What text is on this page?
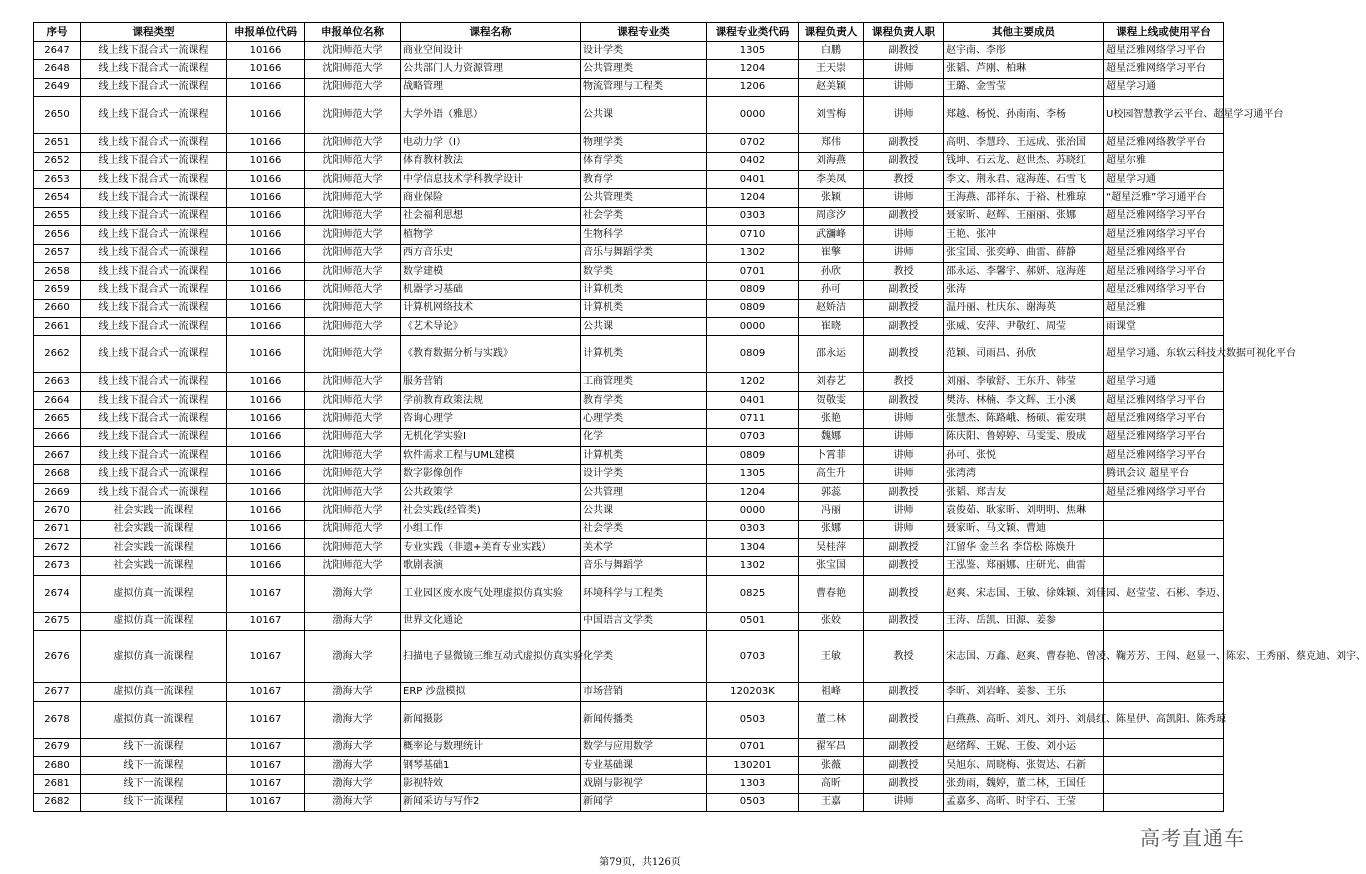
序号	课程类型	申报单位代码	申报单位名称	课程名称	课程专业类	课程专业类代码	课程负责人	课程负责人职	其他主要成员	课程上线或使用平台
2647	线上线下混合式一流课程	10166	沈阳师范大学	商业空间设计	设计学类	1305	白鹏	副教授	赵宇南、李彤	超星泛雅网络学习平台
2648	线上线下混合式一流课程	10166	沈阳师范大学	公共部门人力资源管理	公共管理类	1204	王天崇	讲师	张韬、芦刚、柏琳	超星泛雅网络学习平台
2649	线上线下混合式一流课程	10166	沈阳师范大学	战略管理	物流管理与工程类	1206	赵美颖	讲师	王璐、金雪莹	超星学习通
2650	线上线下混合式一流课程	10166	沈阳师范大学	大学外语（雅思）	公共课	0000	刘雪梅	讲师	郑越、杨悦、孙南南、李杨	U校园智慧教学云平台、超星学习通平台
2651	线上线下混合式一流课程	10166	沈阳师范大学	电动力学（Ⅰ）	物理学类	0702	郑伟	副教授	高明、李慧玲、王远成、张治国	超星泛雅网络教学平台
2652	线上线下混合式一流课程	10166	沈阳师范大学	体育教材教法	体育学类	0402	刘海燕	副教授	钱坤、石云龙、赵世杰、苏晓红	超星尔雅
2653	线上线下混合式一流课程	10166	沈阳师范大学	中学信息技术学科教学设计	教育学	0401	李美凤	教授	李文、荆永君、寇海莲、石雪飞	超星学习通
2654	线上线下混合式一流课程	10166	沈阳师范大学	商业保险	公共管理类	1204	张颖	讲师	王海燕、邵祥东、于裕、杜雅琼	“超星泛雅”学习通平台
2655	线上线下混合式一流课程	10166	沈阳师范大学	社会福利思想	社会学类	0303	周彦汐	副教授	聂家昕、赵辉、王丽丽、张娜	超星泛雅网络学习平台
2656	线上线下混合式一流课程	10166	沈阳师范大学	植物学	生物科学	0710	武瀰峰	讲师	王艳、张冲	超星泛雅网络学习平台
2657	线上线下混合式一流课程	10166	沈阳师范大学	西方音乐史	音乐与舞蹈学类	1302	崔擎	讲师	张宝国、张奕峥、曲雷、薛静	超星泛雅网络平台
2658	线上线下混合式一流课程	10166	沈阳师范大学	数学建模	数学类	0701	孙欣	教授	邵永运、李馨宇、郝妍、寇海莲	超星泛雅网络学习平台
2659	线上线下混合式一流课程	10166	沈阳师范大学	机器学习基础	计算机类	0809	孙可	副教授	张涛	超星泛雅网络学习平台
2660	线上线下混合式一流课程	10166	沈阳师范大学	计算机网络技术	计算机类	0809	赵娇洁	副教授	温丹丽、杜庆东、谢海英	超星泛雅
2661	线上线下混合式一流课程	10166	沈阳师范大学	《艺术导论》	公共课	0000	崔晓	副教授	张威、安萍、尹敬红、周莹	雨课堂
2662	线上线下混合式一流课程	10166	沈阳师范大学	《教育数据分析与实践》	计算机类	0809	邵永运	副教授	范颖、司雨昌、孙欣	超星学习通、东软云科技大数据可视化平台
2663	线上线下混合式一流课程	10166	沈阳师范大学	服务营销	工商管理类	1202	刘春艺	教授	刘丽、李敏舒、王东升、韩莹	超星学习通
2664	线上线下混合式一流课程	10166	沈阳师范大学	学前教育政策法规	教育学类	0401	贺敬雯	副教授	樊涛、林楠、李文辉、王小溪	超星泛雅网络学习平台
2665	线上线下混合式一流课程	10166	沈阳师范大学	咨询心理学	心理学类	0711	张艳	讲师	张慧杰、陈路峨、杨硕、霍安琪	超星泛雅网络学习平台
2666	线上线下混合式一流课程	10166	沈阳师范大学	无机化学实验Ⅰ	化学	0703	魏娜	讲师	陈庆阳、鲁婷婷、马雯雯、殷成	超星泛雅网络学习平台
2667	线上线下混合式一流课程	10166	沈阳师范大学	软件需求工程与UML建模	计算机类	0809	卜霄菲	讲师	孙可、张悦	超星泛雅网络学习平台
2668	线上线下混合式一流课程	10166	沈阳师范大学	数字影像创作	设计学类	1305	高生升	讲师	张湾湾	腾讯会议 超星平台
2669	线上线下混合式一流课程	10166	沈阳师范大学	公共政策学	公共管理	1204	郭蕊	副教授	张韬、郑吉友	超星泛雅网络学习平台
2670	社会实践一流课程	10166	沈阳师范大学	社会实践(经管类)	公共课	0000	冯丽	讲师	袁俊茹、耿家昕、刘明明、焦琳	
2671	社会实践一流课程	10166	沈阳师范大学	小组工作	社会学类	0303	张娜	讲师	聂家昕、马文颖、曹迪	
2672	社会实践一流课程	10166	沈阳师范大学	专业实践（非遗+美育专业实践）	美术学	1304	吴桂萍	副教授	江留华 金兰名 李岱松 陈焕升	
2673	社会实践一流课程	10166	沈阳师范大学	歌剧表演	音乐与舞蹈学	1302	张宝国	副教授	王泓鉴、郑丽娜、庄研光、曲雷	
2674	虚拟仿真一流课程	10167	渤海大学	工业园区废水废气处理虚拟仿真实验	环境科学与工程类	0825	曹春艳	副教授	赵爽、宋志国、王敏、徐姝颖、刘佳园、赵莹莹、石彬、李迈、	
2675	虚拟仿真一流课程	10167	渤海大学	世界文化通论	中国语言文学类	0501	张姣	副教授	王涛、岳凯、田源、姜参	
2676	虚拟仿真一流课程	10167	渤海大学	扫描电子显微镜三维互动式虚拟仿真实验	化学类	0703	王敏	教授	宋志国、万鑫、赵爽、曹春艳、曾凌、鞠芳芳、王闯、赵显一、陈宏、王秀丽、蔡克迪、刘宇、	
2677	虚拟仿真一流课程	10167	渤海大学	ERP 沙盘模拟	市场营销	120203K	祖峰	副教授	李昕、刘岩峰、姜参、王乐	
2678	虚拟仿真一流课程	10167	渤海大学	新闻摄影	新闻传播类	0503	董二林	副教授	白燕燕、高昕、刘凡、刘丹、刘晨红、陈星伊、高凯阳、陈秀琼	
2679	线下一流课程	10167	渤海大学	概率论与数理统计	数学与应用数学	0701	翟军昌	副教授	赵绪辉、王娓、王俊、刘小运	
2680	线下一流课程	10167	渤海大学	钢琴基础1	专业基础课	130201	张薇	副教授	吴旭东、周晓梅、张贺达、石新	
2681	线下一流课程	10167	渤海大学	影视特效	戏剧与影视学	1303	高昕	副教授	张劲雨，魏婷，董二林，王国任	
2682	线下一流课程	10167	渤海大学	新闻采访与写作2	新闻学	0503	王嘉	讲师	孟嘉多、高昕、时宇石、王莹	
高考直通车
第79页，共126页
